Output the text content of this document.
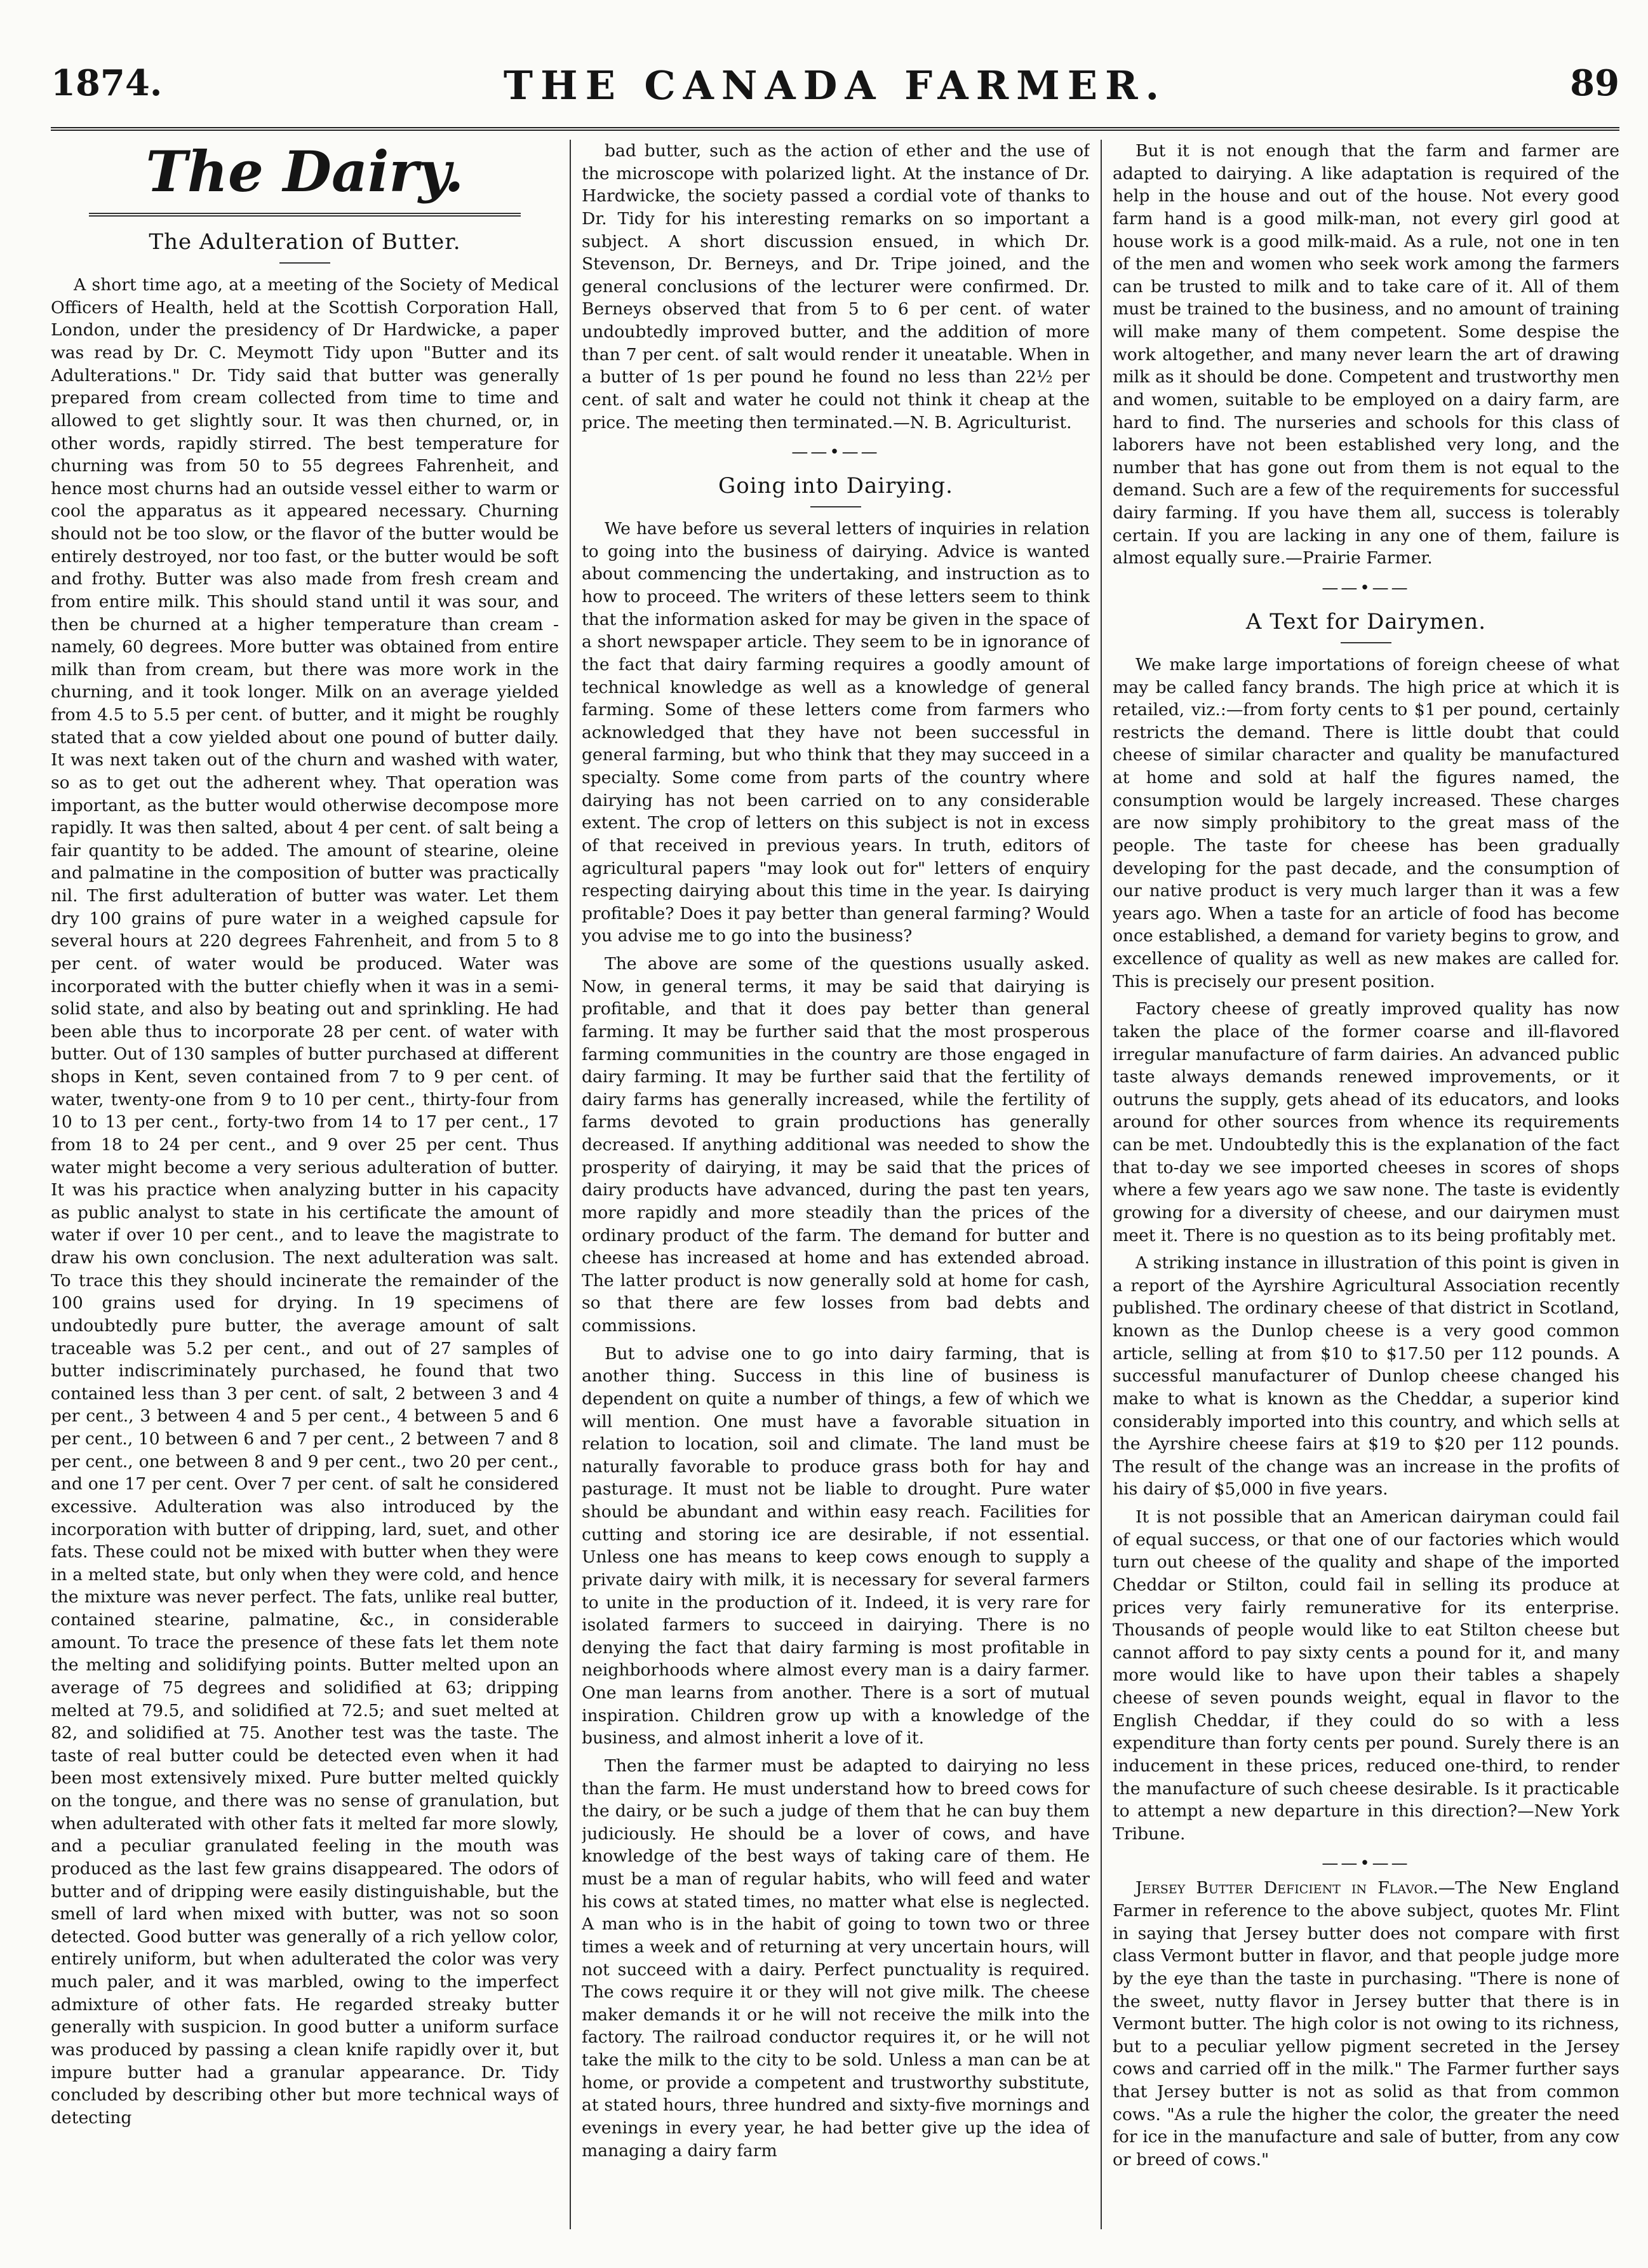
1874.	THE CANADA FARMER.	89
The Dairy.
The Adulteration of Butter.

A short time ago, at a meeting of the Society of Medical Officers of Health, held at the Scottish Corporation Hall, London, under the presidency of Dr Hardwicke, a paper was read by Dr. C. Meymott Tidy upon "Butter and its Adulterations." Dr. Tidy said that butter was generally prepared from cream collected from time to time and allowed to get slightly sour. It was then churned, or, in other words, rapidly stirred. The best temperature for churning was from 50 to 55 degrees Fahrenheit, and hence most churns had an outside vessel either to warm or cool the apparatus as it appeared necessary. Churning should not be too slow, or the flavor of the butter would be entirely destroyed, nor too fast, or the butter would be soft and frothy. Butter was also made from fresh cream and from entire milk. This should stand until it was sour, and then be churned at a higher temperature than cream - namely, 60 degrees. More butter was obtained from entire milk than from cream, but there was more work in the churning, and it took longer. Milk on an average yielded from 4.5 to 5.5 per cent. of butter, and it might be roughly stated that a cow yielded about one pound of butter daily. It was next taken out of the churn and washed with water, so as to get out the adherent whey. That operation was important, as the butter would otherwise decompose more rapidly. It was then salted, about 4 per cent. of salt being a fair quantity to be added. The amount of stearine, oleine and palmatine in the composition of butter was practically nil. The first adulteration of butter was water. Let them dry 100 grains of pure water in a weighed capsule for several hours at 220 degrees Fahrenheit, and from 5 to 8 per cent. of water would be produced. Water was incorporated with the butter chiefly when it was in a semi-solid state, and also by beating out and sprinkling. He had been able thus to incorporate 28 per cent. of water with butter. Out of 130 samples of butter purchased at different shops in Kent, seven contained from 7 to 9 per cent. of water, twenty-one from 9 to 10 per cent., thirty-four from 10 to 13 per cent., forty-two from 14 to 17 per cent., 17 from 18 to 24 per cent., and 9 over 25 per cent. Thus water might become a very serious adulteration of butter. It was his practice when analyzing butter in his capacity as public analyst to state in his certificate the amount of water if over 10 per cent., and to leave the magistrate to draw his own conclusion. The next adulteration was salt. To trace this they should incinerate the remainder of the 100 grains used for drying. In 19 specimens of undoubtedly pure butter, the average amount of salt traceable was 5.2 per cent., and out of 27 samples of butter indiscriminately purchased, he found that two contained less than 3 per cent. of salt, 2 between 3 and 4 per cent., 3 between 4 and 5 per cent., 4 between 5 and 6 per cent., 10 between 6 and 7 per cent., 2 between 7 and 8 per cent., one between 8 and 9 per cent., two 20 per cent., and one 17 per cent. Over 7 per cent. of salt he considered excessive. Adulteration was also introduced by the incorporation with butter of dripping, lard, suet, and other fats. These could not be mixed with butter when they were in a melted state, but only when they were cold, and hence the mixture was never perfect. The fats, unlike real butter, contained stearine, palmatine, &c., in considerable amount. To trace the presence of these fats let them note the melting and solidifying points. Butter melted upon an average of 75 degrees and solidified at 63; dripping melted at 79.5, and solidified at 72.5; and suet melted at 82, and solidified at 75. Another test was the taste. The taste of real butter could be detected even when it had been most extensively mixed. Pure butter melted quickly on the tongue, and there was no sense of granulation, but when adulterated with other fats it melted far more slowly, and a peculiar granulated feeling in the mouth was produced as the last few grains disappeared. The odors of butter and of dripping were easily distinguishable, but the smell of lard when mixed with butter, was not so soon detected. Good butter was generally of a rich yellow color, entirely uniform, but when adulterated the color was very much paler, and it was marbled, owing to the imperfect admixture of other fats. He regarded streaky butter generally with suspicion. In good butter a uniform surface was produced by passing a clean knife rapidly over it, but impure butter had a granular appearance. Dr. Tidy concluded by describing other but more technical ways of detecting

bad butter, such as the action of ether and the use of the microscope with polarized light. At the instance of Dr. Hardwicke, the society passed a cordial vote of thanks to Dr. Tidy for his interesting remarks on so important a subject. A short discussion ensued, in which Dr. Stevenson, Dr. Berneys, and Dr. Tripe joined, and the general conclusions of the lecturer were confirmed. Dr. Berneys observed that from 5 to 6 per cent. of water undoubtedly improved butter, and the addition of more than 7 per cent. of salt would render it uneatable. When in a butter of 1s per pound he found no less than 22½ per cent. of salt and water he could not think it cheap at the price. The meeting then terminated.—N. B. Agriculturist.

——•——
Going into Dairying.

We have before us several letters of inquiries in relation to going into the business of dairying. Advice is wanted about commencing the undertaking, and instruction as to how to proceed. The writers of these letters seem to think that the information asked for may be given in the space of a short newspaper article. They seem to be in ignorance of the fact that dairy farming requires a goodly amount of technical knowledge as well as a knowledge of general farming. Some of these letters come from farmers who acknowledged that they have not been successful in general farming, but who think that they may succeed in a specialty. Some come from parts of the country where dairying has not been carried on to any considerable extent. The crop of letters on this subject is not in excess of that received in previous years. In truth, editors of agricultural papers "may look out for" letters of enquiry respecting dairying about this time in the year. Is dairying profitable? Does it pay better than general farming? Would you advise me to go into the business?

The above are some of the questions usually asked. Now, in general terms, it may be said that dairying is profitable, and that it does pay better than general farming. It may be further said that the most prosperous farming communities in the country are those engaged in dairy farming. It may be further said that the fertility of dairy farms has generally increased, while the fertility of farms devoted to grain productions has generally decreased. If anything additional was needed to show the prosperity of dairying, it may be said that the prices of dairy products have advanced, during the past ten years, more rapidly and more steadily than the prices of the ordinary product of the farm. The demand for butter and cheese has increased at home and has extended abroad. The latter product is now generally sold at home for cash, so that there are few losses from bad debts and commissions.

But to advise one to go into dairy farming, that is another thing. Success in this line of business is dependent on quite a number of things, a few of which we will mention. One must have a favorable situation in relation to location, soil and climate. The land must be naturally favorable to produce grass both for hay and pasturage. It must not be liable to drought. Pure water should be abundant and within easy reach. Facilities for cutting and storing ice are desirable, if not essential. Unless one has means to keep cows enough to supply a private dairy with milk, it is necessary for several farmers to unite in the production of it. Indeed, it is very rare for isolated farmers to succeed in dairying. There is no denying the fact that dairy farming is most profitable in neighborhoods where almost every man is a dairy farmer. One man learns from another. There is a sort of mutual inspiration. Children grow up with a knowledge of the business, and almost inherit a love of it.

Then the farmer must be adapted to dairying no less than the farm. He must understand how to breed cows for the dairy, or be such a judge of them that he can buy them judiciously. He should be a lover of cows, and have knowledge of the best ways of taking care of them. He must be a man of regular habits, who will feed and water his cows at stated times, no matter what else is neglected. A man who is in the habit of going to town two or three times a week and of returning at very uncertain hours, will not succeed with a dairy. Perfect punctuality is required. The cows require it or they will not give milk. The cheese maker demands it or he will not receive the milk into the factory. The railroad conductor requires it, or he will not take the milk to the city to be sold. Unless a man can be at home, or provide a competent and trustworthy substitute, at stated hours, three hundred and sixty-five mornings and evenings in every year, he had better give up the idea of managing a dairy farm

But it is not enough that the farm and farmer are adapted to dairying. A like adaptation is required of the help in the house and out of the house. Not every good farm hand is a good milk-man, not every girl good at house work is a good milk-maid. As a rule, not one in ten of the men and women who seek work among the farmers can be trusted to milk and to take care of it. All of them must be trained to the business, and no amount of training will make many of them competent. Some despise the work altogether, and many never learn the art of drawing milk as it should be done. Competent and trustworthy men and women, suitable to be employed on a dairy farm, are hard to find. The nurseries and schools for this class of laborers have not been established very long, and the number that has gone out from them is not equal to the demand. Such are a few of the requirements for successful dairy farming. If you have them all, success is tolerably certain. If you are lacking in any one of them, failure is almost equally sure.—Prairie Farmer.

——•——
A Text for Dairymen.

We make large importations of foreign cheese of what may be called fancy brands. The high price at which it is retailed, viz.:—from forty cents to $1 per pound, certainly restricts the demand. There is little doubt that could cheese of similar character and quality be manufactured at home and sold at half the figures named, the consumption would be largely increased. These charges are now simply prohibitory to the great mass of the people. The taste for cheese has been gradually developing for the past decade, and the consumption of our native product is very much larger than it was a few years ago. When a taste for an article of food has become once established, a demand for variety begins to grow, and excellence of quality as well as new makes are called for. This is precisely our present position.

Factory cheese of greatly improved quality has now taken the place of the former coarse and ill-flavored irregular manufacture of farm dairies. An advanced public taste always demands renewed improvements, or it outruns the supply, gets ahead of its educators, and looks around for other sources from whence its requirements can be met. Undoubtedly this is the explanation of the fact that to-day we see imported cheeses in scores of shops where a few years ago we saw none. The taste is evidently growing for a diversity of cheese, and our dairymen must meet it. There is no question as to its being profitably met.

A striking instance in illustration of this point is given in a report of the Ayrshire Agricultural Association recently published. The ordinary cheese of that district in Scotland, known as the Dunlop cheese is a very good common article, selling at from $10 to $17.50 per 112 pounds. A successful manufacturer of Dunlop cheese changed his make to what is known as the Cheddar, a superior kind considerably imported into this country, and which sells at the Ayrshire cheese fairs at $19 to $20 per 112 pounds. The result of the change was an increase in the profits of his dairy of $5,000 in five years.

It is not possible that an American dairyman could fail of equal success, or that one of our factories which would turn out cheese of the quality and shape of the imported Cheddar or Stilton, could fail in selling its produce at prices very fairly remunerative for its enterprise. Thousands of people would like to eat Stilton cheese but cannot afford to pay sixty cents a pound for it, and many more would like to have upon their tables a shapely cheese of seven pounds weight, equal in flavor to the English Cheddar, if they could do so with a less expenditure than forty cents per pound. Surely there is an inducement in these prices, reduced one-third, to render the manufacture of such cheese desirable. Is it practicable to attempt a new departure in this direction?—New York Tribune.

——•——

Jersey Butter Deficient in Flavor.—The New England Farmer in reference to the above subject, quotes Mr. Flint in saying that Jersey butter does not compare with first class Vermont butter in flavor, and that people judge more by the eye than the taste in purchasing. "There is none of the sweet, nutty flavor in Jersey butter that there is in Vermont butter. The high color is not owing to its richness, but to a peculiar yellow pigment secreted in the Jersey cows and carried off in the milk." The Farmer further says that Jersey butter is not as solid as that from common cows. "As a rule the higher the color, the greater the need for ice in the manufacture and sale of butter, from any cow or breed of cows."
